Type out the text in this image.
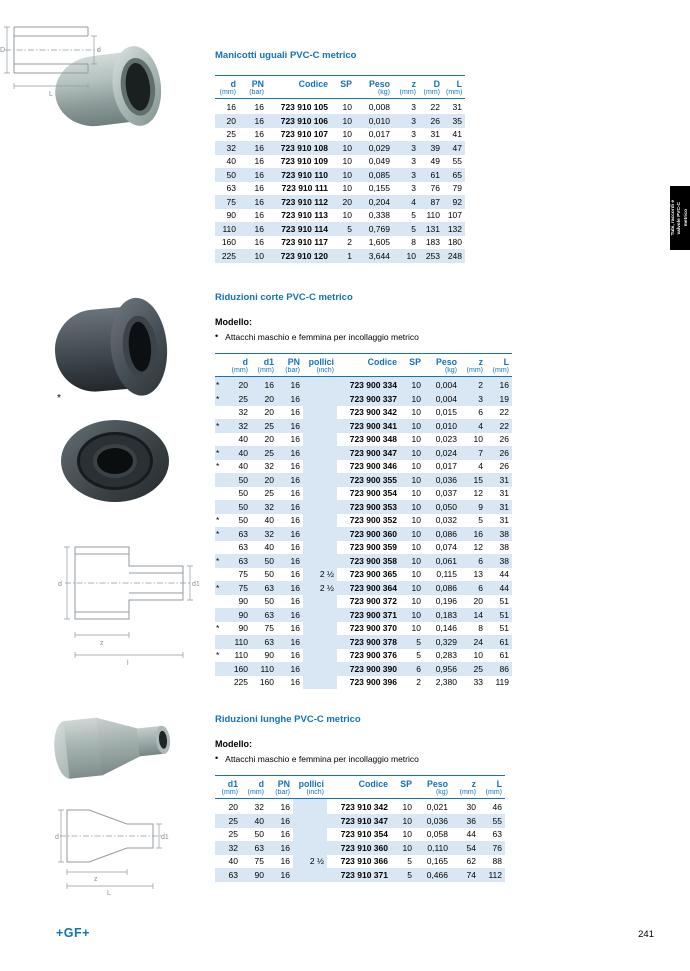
D	d
L
*
d	d1
z
l
d	d1
z
L
Manicotti uguali PVC-C metrico
d	PN	Codice	SP	Peso	z	D	L
(mm)	(bar)			(kg)	(mm)	(mm)	(mm)
16	16	723 910 105	10	0,008	3	22	31
20	16	723 910 106	10	0,010	3	26	35
25	16	723 910 107	10	0,017	3	31	41
32	16	723 910 108	10	0,029	3	39	47
40	16	723 910 109	10	0,049	3	49	55
50	16	723 910 110	10	0,085	3	61	65
63	16	723 910 111	10	0,155	3	76	79
75	16	723 910 112	20	0,204	4	87	92
90	16	723 910 113	10	0,338	5	110	107
110	16	723 910 114	5	0,769	5	131	132
160	16	723 910 117	2	1,605	8	183	180
225	10	723 910 120	1	3,644	10	253	248
Riduzioni corte PVC-C metrico

Modello:

• Attacchi maschio e femmina per incollaggio metrico
	d	d1	PN	pollici	Codice	SP	Peso	z	L
	(mm)	(mm)	(bar)	(inch)			(kg)	(mm)	(mm)
*	20	16	16		723 900 334	10	0,004	2	16
*	25	20	16		723 900 337	10	0,004	3	19
	32	20	16		723 900 342	10	0,015	6	22
*	32	25	16		723 900 341	10	0,010	4	22
	40	20	16		723 900 348	10	0,023	10	26
*	40	25	16		723 900 347	10	0,024	7	26
*	40	32	16		723 900 346	10	0,017	4	26
	50	20	16		723 900 355	10	0,036	15	31
	50	25	16		723 900 354	10	0,037	12	31
	50	32	16		723 900 353	10	0,050	9	31
*	50	40	16		723 900 352	10	0,032	5	31
*	63	32	16		723 900 360	10	0,086	16	38
	63	40	16		723 900 359	10	0,074	12	38
*	63	50	16		723 900 358	10	0,061	6	38
	75	50	16	2 ½	723 900 365	10	0,115	13	44
*	75	63	16	2 ½	723 900 364	10	0,086	6	44
	90	50	16		723 900 372	10	0,196	20	51
	90	63	16		723 900 371	10	0,183	14	51
*	90	75	16		723 900 370	10	0,146	8	51
	110	63	16		723 900 378	5	0,329	24	61
*	110	90	16		723 900 376	5	0,283	10	61
	160	110	16		723 900 390	6	0,956	25	86
	225	160	16		723 900 396	2	2,380	33	119
Riduzioni lunghe PVC-C metrico

Modello:

• Attacchi maschio e femmina per incollaggio metrico
d1	d	PN	pollici	Codice	SP	Peso	z	L
(mm)	(mm)	(bar)	(inch)			(kg)	(mm)	(mm)
20	32	16		723 910 342	10	0,021	30	46
25	40	16		723 910 347	10	0,036	36	55
25	50	16		723 910 354	10	0,058	44	63
32	63	16		723 910 360	10	0,110	54	76
40	75	16	2 ½	723 910 366	5	0,165	62	88
63	90	16		723 910 371	5	0,466	74	112
Tubi, raccordi e valvole PVC-C metrico
+GF+	241
